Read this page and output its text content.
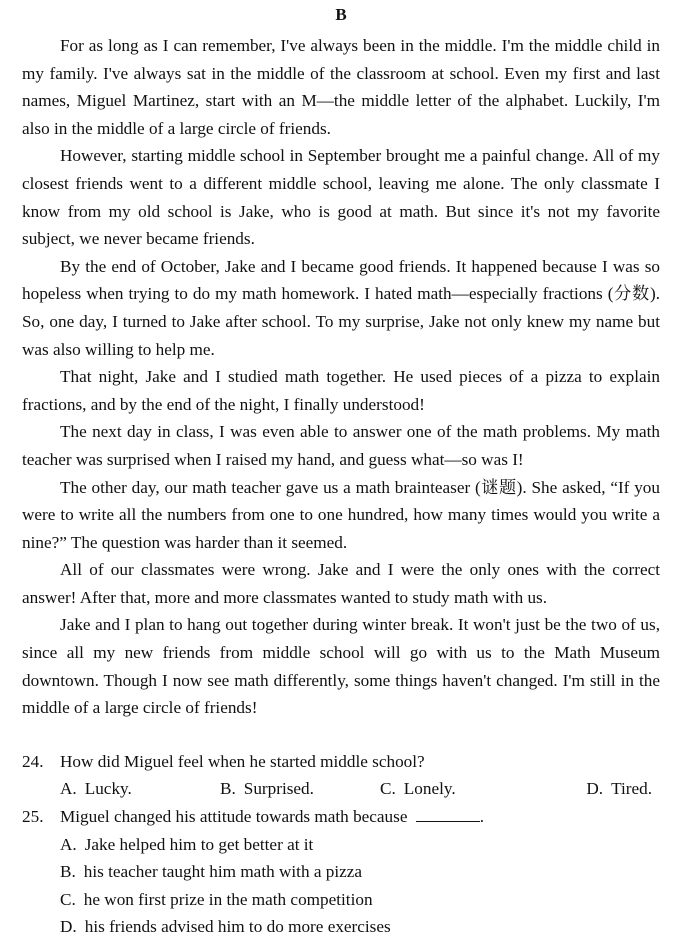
B

For as long as I can remember, I've always been in the middle. I'm the middle child in my family. I've always sat in the middle of the classroom at school. Even my first and last names, Miguel Martinez, start with an M—the middle letter of the alphabet. Luckily, I'm also in the middle of a large circle of friends.

However, starting middle school in September brought me a painful change. All of my closest friends went to a different middle school, leaving me alone. The only classmate I know from my old school is Jake, who is good at math. But since it's not my favorite subject, we never became friends.

By the end of October, Jake and I became good friends. It happened because I was so hopeless when trying to do my math homework. I hated math—especially fractions (分数). So, one day, I turned to Jake after school. To my surprise, Jake not only knew my name but was also willing to help me.

That night, Jake and I studied math together. He used pieces of a pizza to explain fractions, and by the end of the night, I finally understood!

The next day in class, I was even able to answer one of the math problems. My math teacher was surprised when I raised my hand, and guess what—so was I!

The other day, our math teacher gave us a math brainteaser (谜题). She asked, “If you were to write all the numbers from one to one hundred, how many times would you write a nine?” The question was harder than it seemed.

All of our classmates were wrong. Jake and I were the only ones with the correct answer! After that, more and more classmates wanted to study math with us.

Jake and I plan to hang out together during winter break. It won't just be the two of us, since all my new friends from middle school will go with us to the Math Museum downtown. Though I now see math differently, some things haven't changed. I'm still in the middle of a large circle of friends!

24. How did Miguel feel when he started middle school?
A. Lucky.	B. Surprised.	C. Lonely.	D. Tired.
25. Miguel changed his attitude towards math because	.
A. Jake helped him to get better at it
B. his teacher taught him math with a pizza
C. he won first prize in the math competition
D. his friends advised him to do more exercises
